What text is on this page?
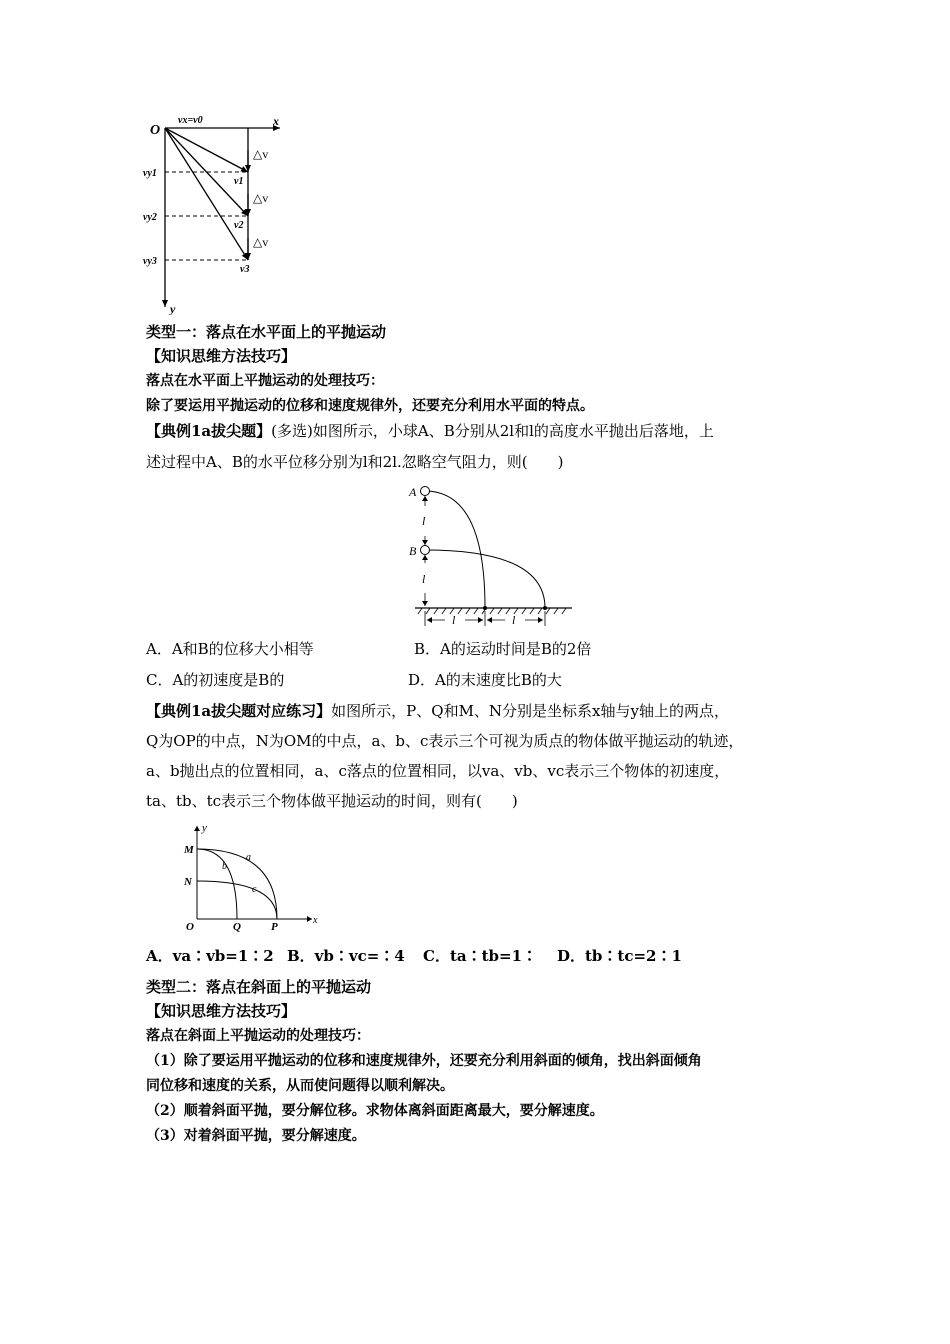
O
x
y
vx=v0
△v
△v
△v
v1
v2
v3
vy1
vy2
vy3
类型一：落点在水平面上的平抛运动
【知识思维方法技巧】
落点在水平面上平抛运动的处理技巧：
除了要运用平抛运动的位移和速度规律外，还要充分利用水平面的特点。
【典例1a拔尖题】(多选)如图所示，小球A、B分别从2l和l的高度水平抛出后落地，上
述过程中A、B的水平位移分别为l和2l.忽略空气阻力，则(　　)
A
B
l
l
l	l
A．A和B的位移大小相等	B．A的运动时间是B的2倍
C．A的初速度是B的	D．A的末速度比B的大
【典例1a拔尖题对应练习】如图所示，P、Q和M、N分别是坐标系x轴与y轴上的两点，
Q为OP的中点，N为OM的中点，a、b、c表示三个可视为质点的物体做平抛运动的轨迹，
a、b抛出点的位置相同，a、c落点的位置相同，以va、vb、vc表示三个物体的初速度，
ta、tb、tc表示三个物体做平抛运动的时间，则有(　　)
y
x
M
N
O	Q	P
a
b
c
A．va∶vb=1∶2 B．vb∶vc=∶4 C．ta∶tb=1∶ D．tb∶tc=2∶1
类型二：落点在斜面上的平抛运动
【知识思维方法技巧】
落点在斜面上平抛运动的处理技巧：
（1）除了要运用平抛运动的位移和速度规律外，还要充分利用斜面的倾角，找出斜面倾角
同位移和速度的关系，从而使问题得以顺利解决。
（2）顺着斜面平抛，要分解位移。求物体离斜面距离最大，要分解速度。
（3）对着斜面平抛，要分解速度。
